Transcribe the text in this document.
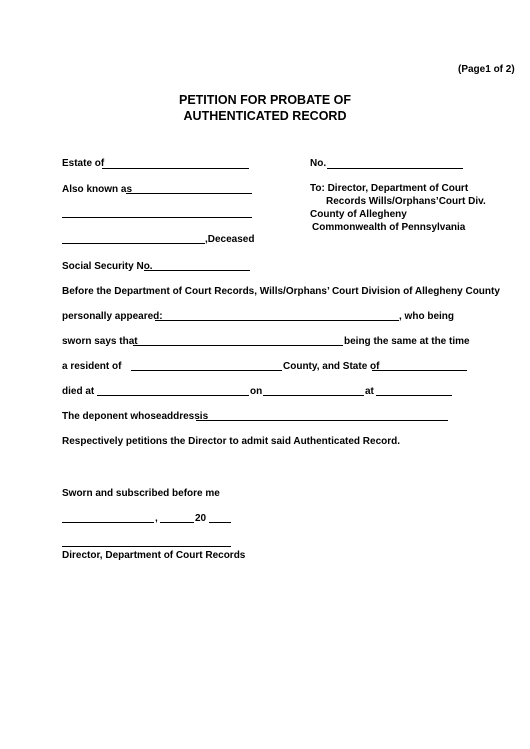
(Page1 of 2)
PETITION FOR PROBATE OF
AUTHENTICATED RECORD
Estate of	No.
Also known as	To: Director, Department of Court
Records Wills/Orphans’Court Div.
County of Allegheny
Commonwealth of Pennsylvania
,Deceased
Social Security No.
Before the Department of Court Records, Wills/Orphans’ Court Division of Allegheny County
personally appeared:	, who being
sworn says that	being the same at the time
a resident of	County, and State of
died at	on	at
The deponent whoseaddressis
Respectively petitions the Director to admit said Authenticated Record.
Sworn and subscribed before me
,	20
Director, Department of Court Records
